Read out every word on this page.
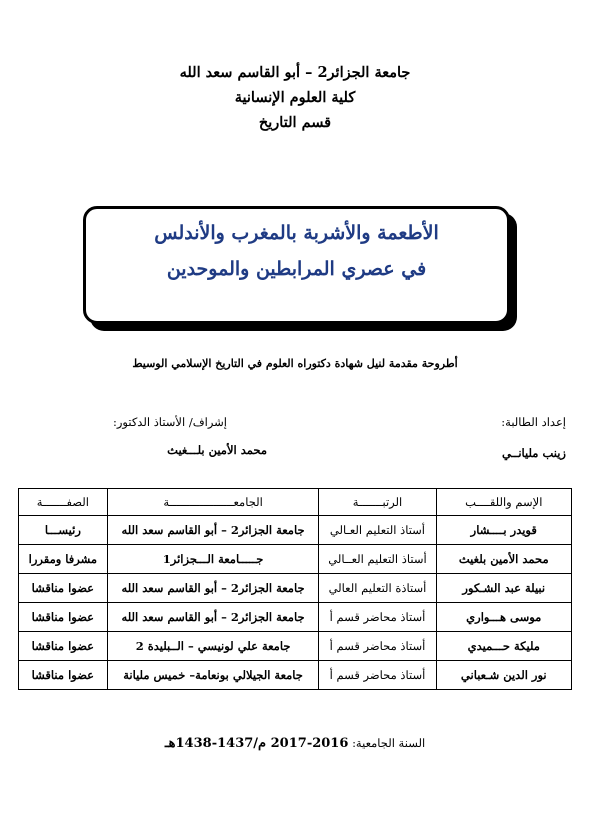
جامعة الجزائر2 – أبو القاسم سعد الله
كلية العلوم الإنسانية
قسم التاريخ
الأطعمة والأشربة بالمغرب والأندلس
في عصري المرابطين والموحدين
أطروحة مقدمة لنيل شهادة دكتوراه العلوم في التاريخ الإسلامي الوسيط
إعداد الطالبة:
زينب مليانــي
إشراف/ الأستاذ الدكتور:
محمد الأمين بلـــغيث
الإسم واللقــــب	الرتبـــــــة	الجامعـــــــــــــــــــة	الصفـــــــة
قويدر بــــشار	أستاذ التعليم العـالي	جامعة الجزائر2 – أبو القاسم سعد الله	رئيســـا
محمد الأمين بلغيث	أستاذ التعليم العــالي	جـــــامعة الـــجزائر1	مشرفا ومقررا
نبيلة عبد الشـكور	أستاذة التعليم العالي	جامعة الجزائر2 – أبو القاسم سعد الله	عضوا مناقشا
موسى هـــواري	أستاذ محاضر قسم أ	جامعة الجزائر2 – أبو القاسم سعد الله	عضوا مناقشا
مليكة حـــميدي	أستاذ محاضر قسم أ	جامعة علي لونيسي – الــبليدة 2	عضوا مناقشا
نور الدين شـعباني	أستاذ محاضر قسم أ	جامعة الجيلالي بونعامة– خميس مليانة	عضوا مناقشا
السنة الجامعية: 2016-2017 م/1437-1438هـ
